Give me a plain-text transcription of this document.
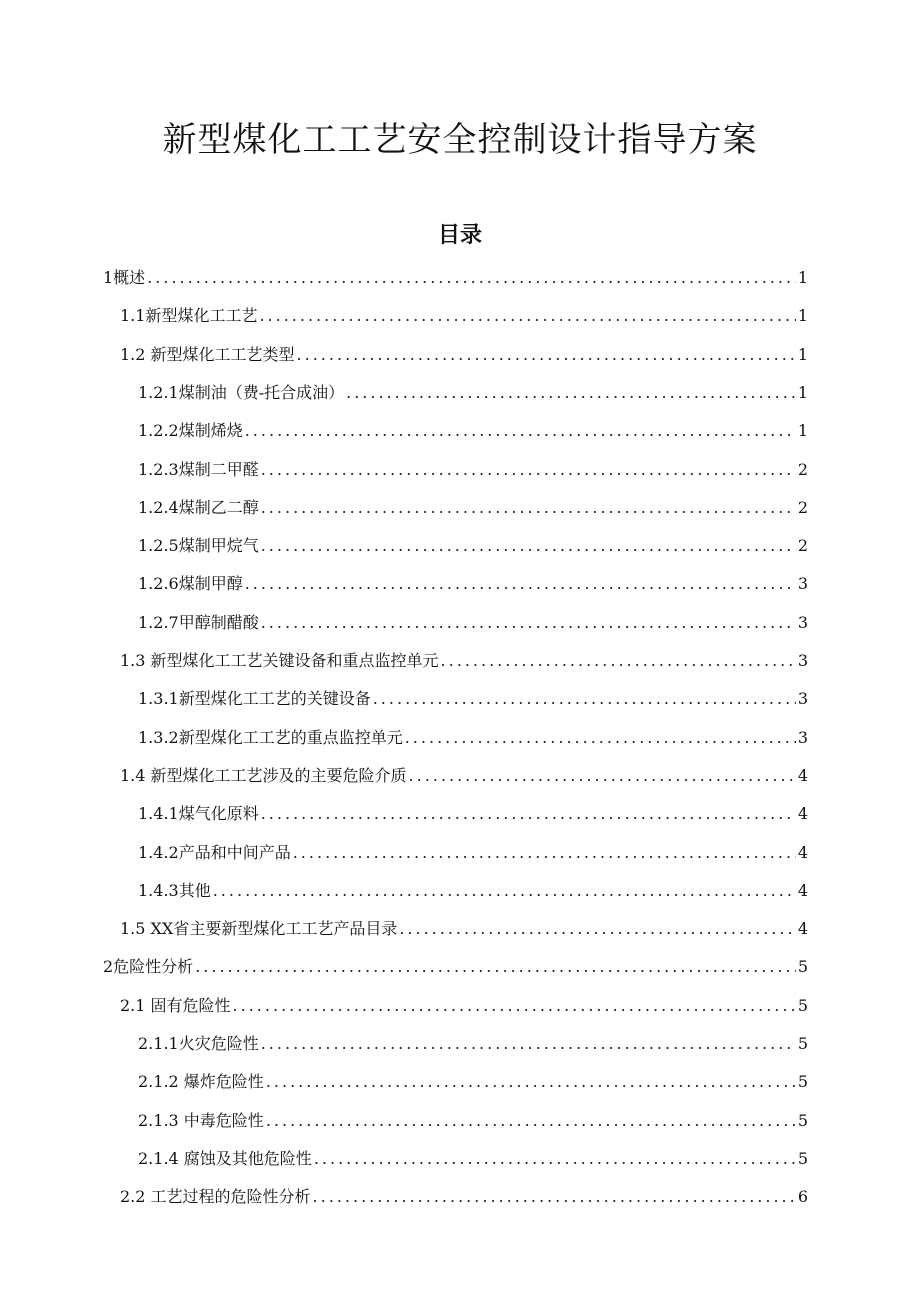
新型煤化工工艺安全控制设计指导方案
目录
1概述 .....	1
1.1新型煤化工工艺 .....	1
1.2 新型煤化工工艺类型 .....	1
1.2.1煤制油（费-托合成油） .....	1
1.2.2煤制烯烧 .....	1
1.2.3煤制二甲醛 .....	2
1.2.4煤制乙二醇 .....	2
1.2.5煤制甲烷气 .....	2
1.2.6煤制甲醇 .....	3
1.2.7甲醇制醋酸 .....	3
1.3 新型煤化工工艺关键设备和重点监控单元 .....	3
1.3.1新型煤化工工艺的关键设备 .....	3
1.3.2新型煤化工工艺的重点监控单元 .....	3
1.4 新型煤化工工艺涉及的主要危险介质 .....	4
1.4.1煤气化原料 .....	4
1.4.2产品和中间产品 .....	4
1.4.3其他 .....	4
1.5 XX省主要新型煤化工工艺产品目录 .....	4
2危险性分析 .....	5
2.1 固有危险性 .....	5
2.1.1火灾危险性 .....	5
2.1.2 爆炸危险性 .....	5
2.1.3 中毒危险性 .....	5
2.1.4 腐蚀及其他危险性 .....	5
2.2 工艺过程的危险性分析 .....	6
